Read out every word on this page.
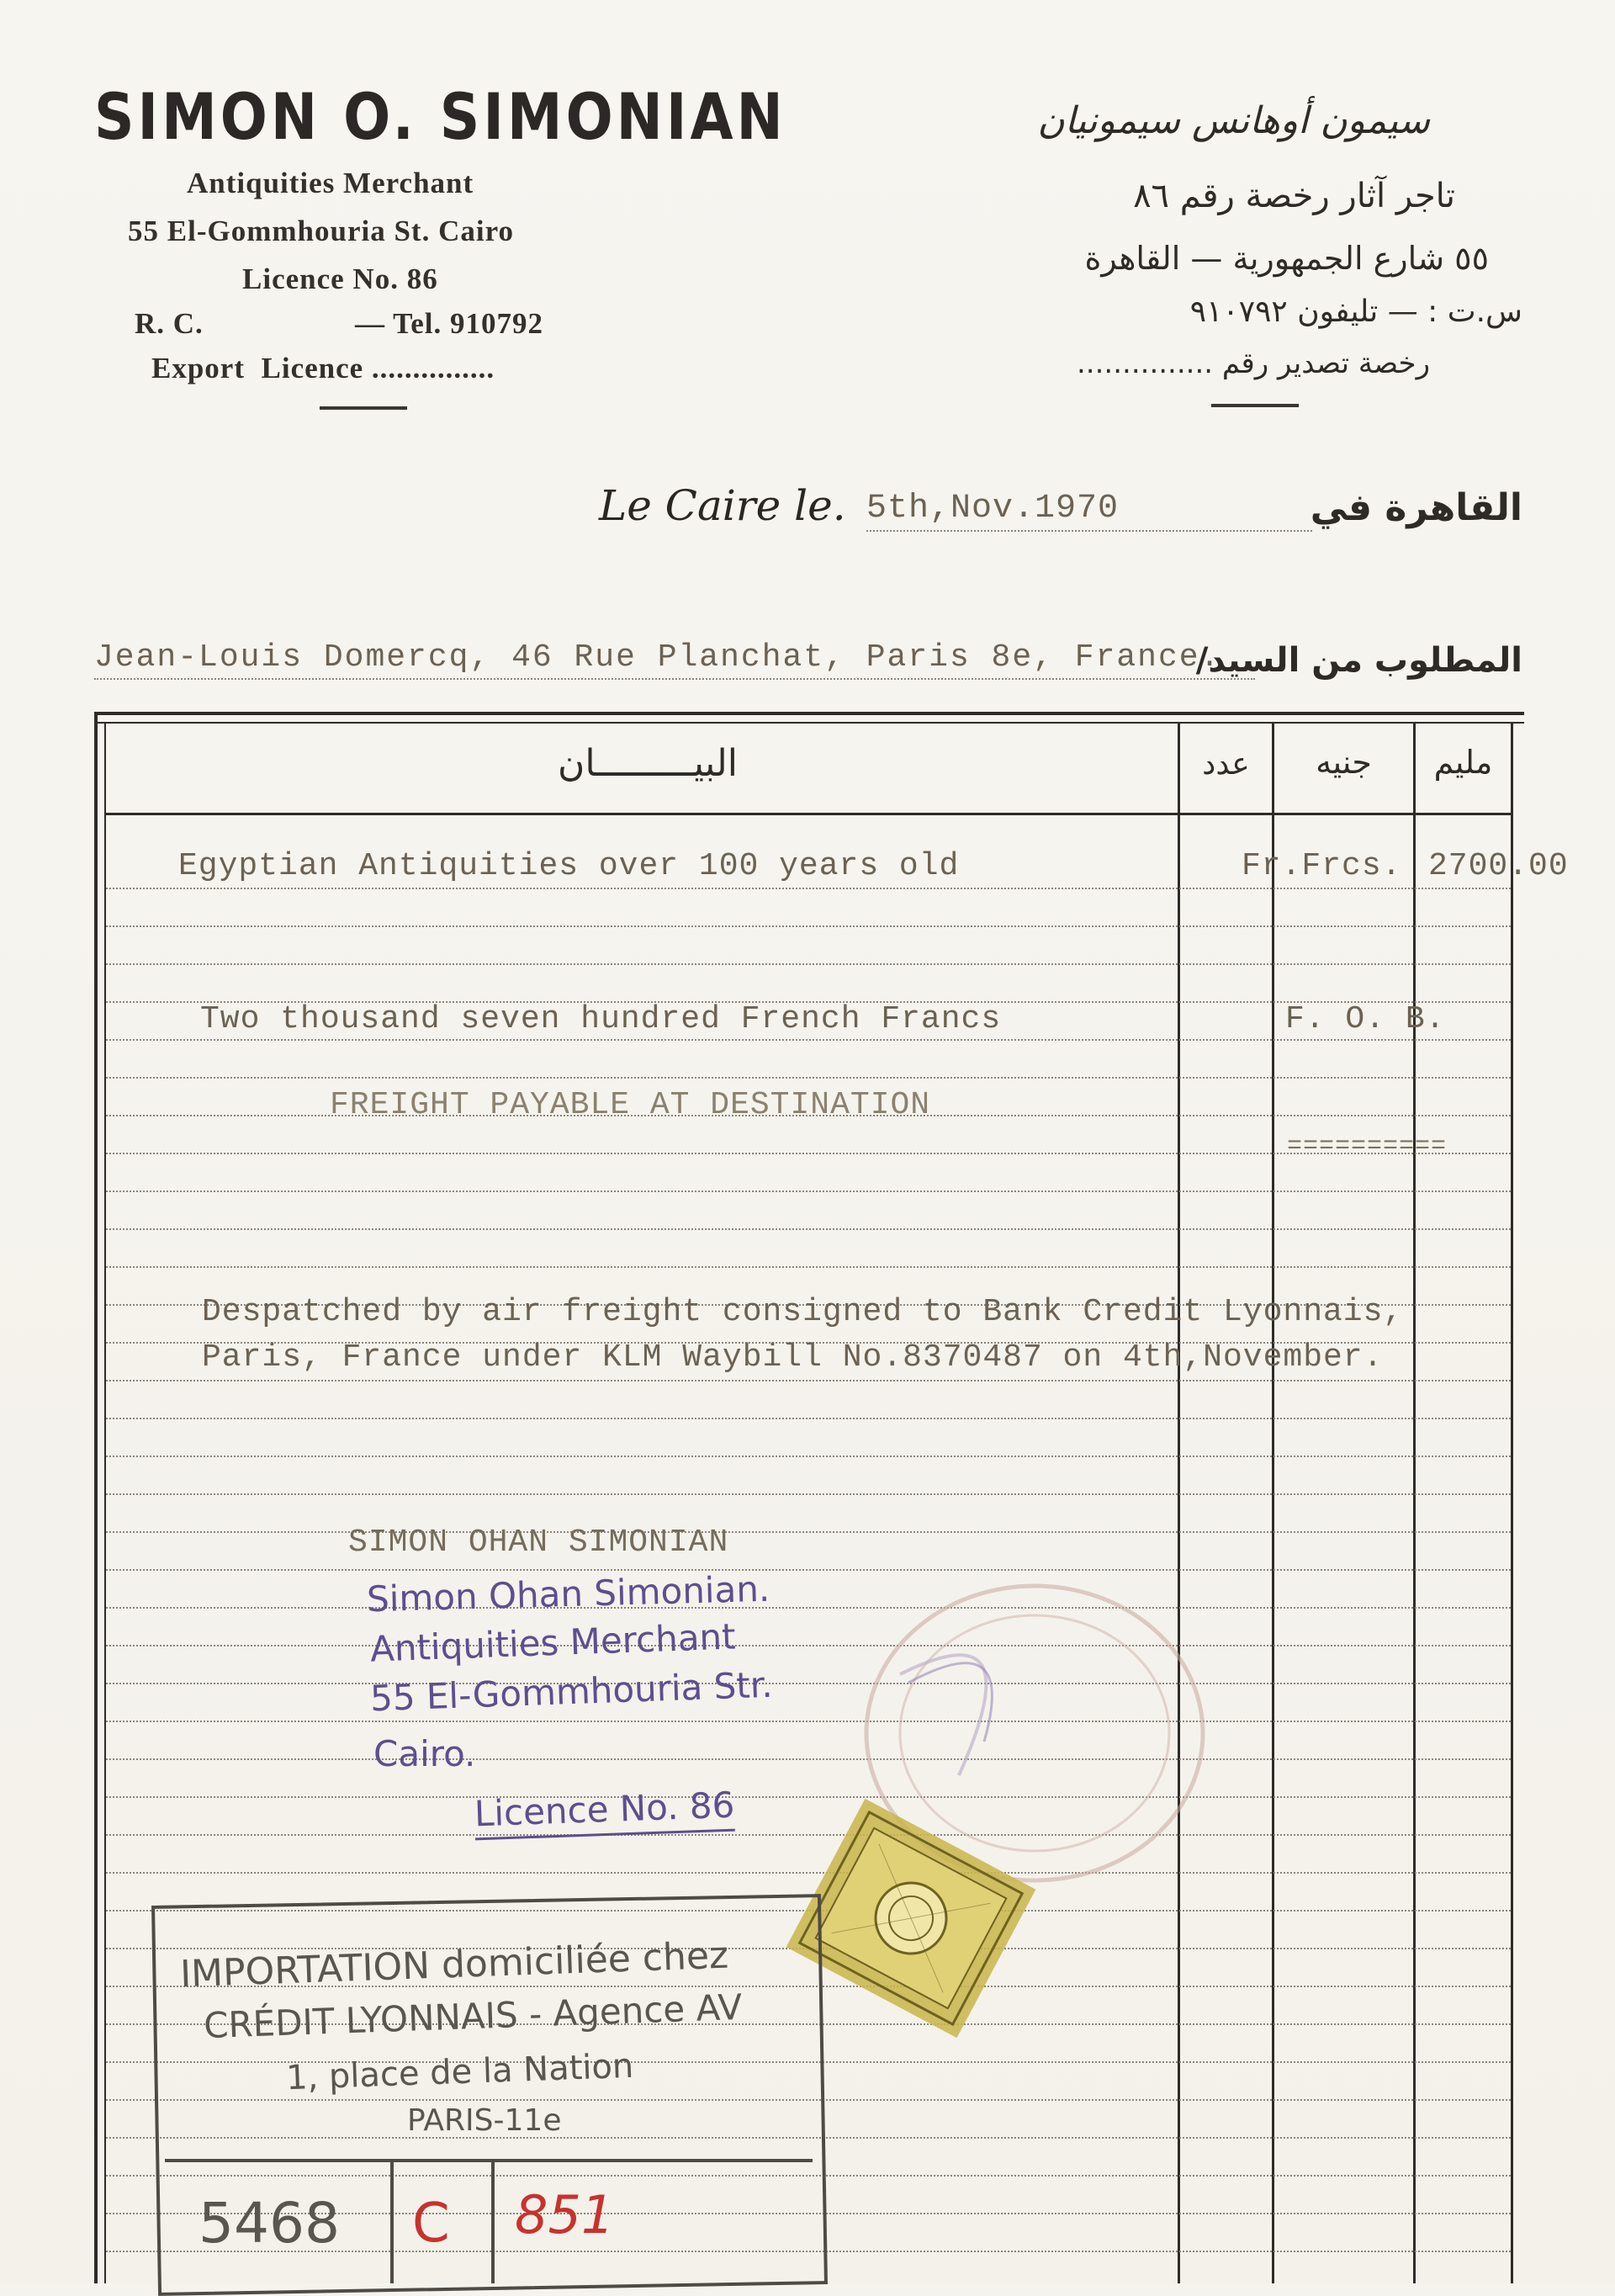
SIMON O. SIMONIAN
Antiquities Merchant
55 El-Gommhouria St. Cairo
Licence No. 86
R. C.	— Tel. 910792
Export  Licence ...............
سيمون أوهانس سيمونيان
تاجر آثار رخصة رقم ٨٦
٥٥ شارع الجمهورية — القاهرة
س.ت : — تليفون ٩١٠٧٩٢
رخصة تصدير رقم ...............
Le Caire le. 5th,Nov.1970	القاهرة في
Jean-Louis Domercq, 46 Rue Planchat, Paris 8e, France.
المطلوب من السيد/
البيـــــــــان	عدد	جنيه	مليم
Egyptian Antiquities over 100 years old	Fr.Frcs. 2700.00
Two thousand seven hundred French Francs	F. O. B.
FREIGHT PAYABLE AT DESTINATION
==========
Despatched by air freight consigned to Bank Credit Lyonnais,
Paris, France under KLM Waybill No.8370487 on 4th,November.
SIMON OHAN SIMONIAN
Simon Ohan Simonian.
Antiquities Merchant
55 El-Gommhouria Str.
Cairo.
Licence No. 86
IMPORTATION domiciliée chez
CRÉDIT LYONNAIS - Agence AV
1, place de la Nation
PARIS-11e
5468 C 851
